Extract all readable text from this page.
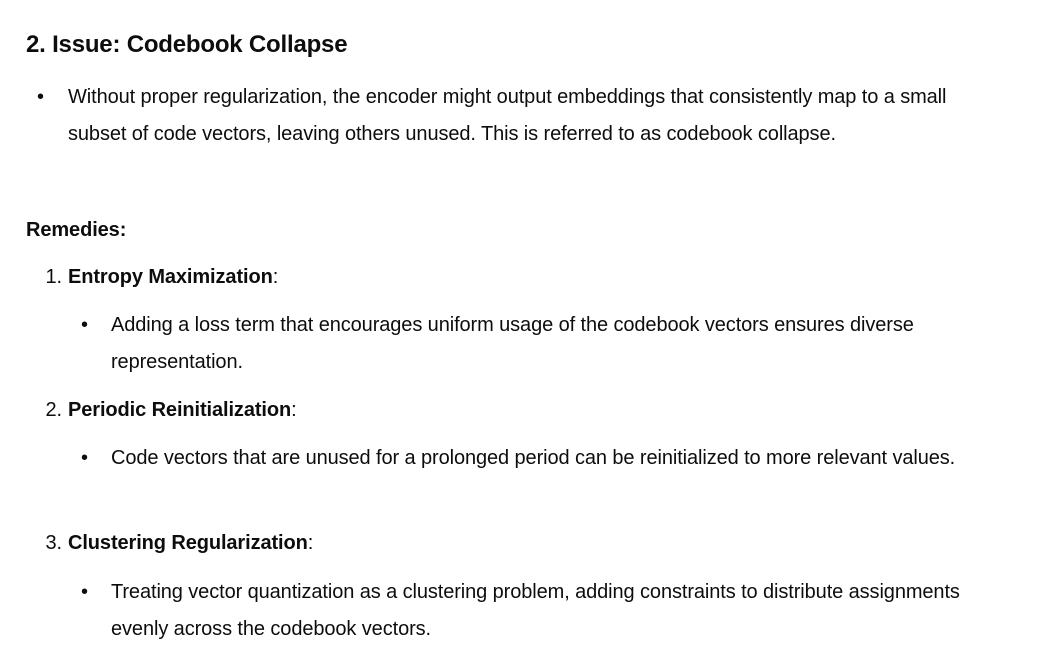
2. Issue: Codebook Collapse
•	Without proper regularization, the encoder might output embeddings that consistently map to a small subset of code vectors, leaving others unused. This is referred to as codebook collapse.
Remedies:
1. Entropy Maximization:
•	Adding a loss term that encourages uniform usage of the codebook vectors ensures diverse representation.
2. Periodic Reinitialization:
•	Code vectors that are unused for a prolonged period can be reinitialized to more relevant values.
3. Clustering Regularization:
•	Treating vector quantization as a clustering problem, adding constraints to distribute assignments evenly across the codebook vectors.
